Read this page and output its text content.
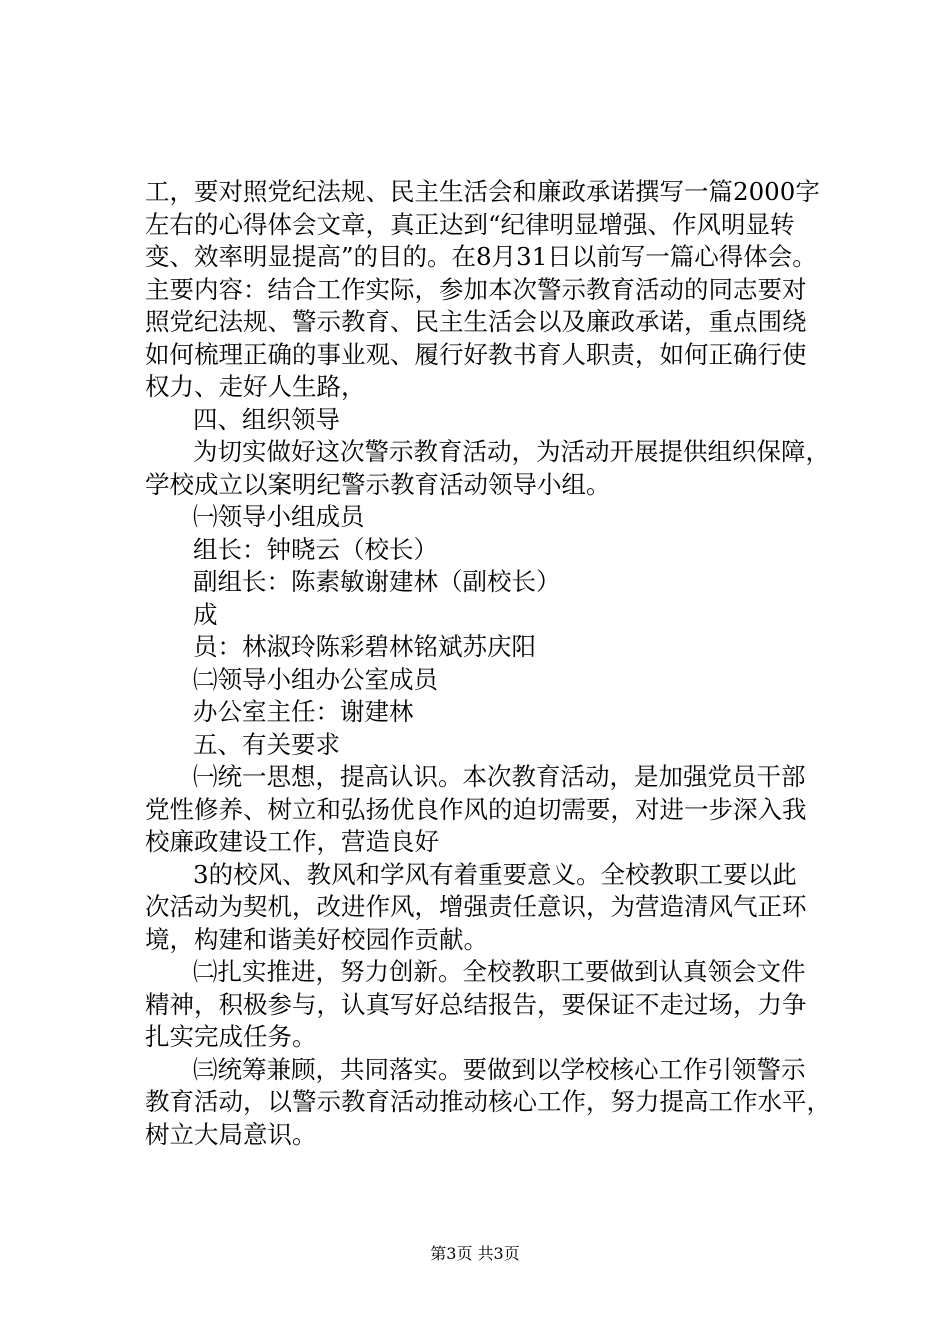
工，要对照党纪法规、民主生活会和廉政承诺撰写一篇2000字
左右的心得体会文章，真正达到“纪律明显增强、作风明显转
变、效率明显提高”的目的。在8月31日以前写一篇心得体会。
主要内容：结合工作实际，参加本次警示教育活动的同志要对
照党纪法规、警示教育、民主生活会以及廉政承诺，重点围绕
如何梳理正确的事业观、履行好教书育人职责，如何正确行使
权力、走好人生路，
四、组织领导
为切实做好这次警示教育活动，为活动开展提供组织保障，
学校成立以案明纪警示教育活动领导小组。
㈠领导小组成员
组长：钟晓云（校长）
副组长：陈素敏谢建林（副校长）
成
员：林淑玲陈彩碧林铭斌苏庆阳
㈡领导小组办公室成员
办公室主任：谢建林
五、有关要求
㈠统一思想，提高认识。本次教育活动，是加强党员干部
党性修养、树立和弘扬优良作风的迫切需要，对进一步深入我
校廉政建设工作，营造良好
3的校风、教风和学风有着重要意义。全校教职工要以此
次活动为契机，改进作风，增强责任意识，为营造清风气正环
境，构建和谐美好校园作贡献。
㈡扎实推进，努力创新。全校教职工要做到认真领会文件
精神，积极参与，认真写好总结报告，要保证不走过场，力争
扎实完成任务。
㈢统筹兼顾，共同落实。要做到以学校核心工作引领警示
教育活动，以警示教育活动推动核心工作，努力提高工作水平，
树立大局意识。
第3页 共3页
